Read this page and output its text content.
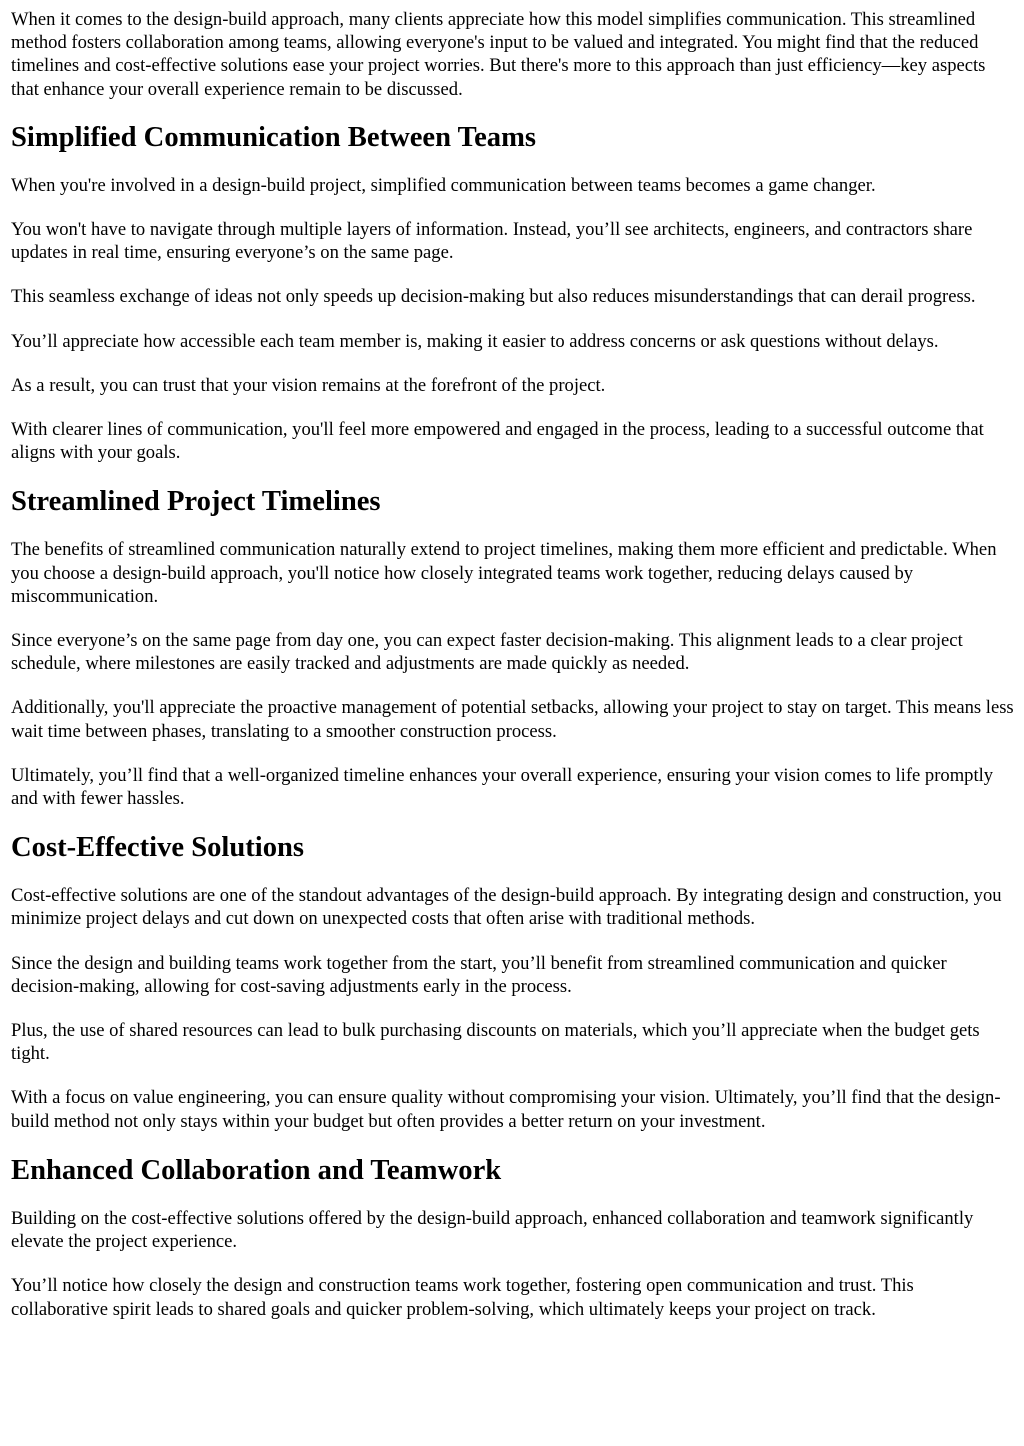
When it comes to the design-build approach, many clients appreciate how this model simplifies communication. This streamlined method fosters collaboration among teams, allowing everyone's input to be valued and integrated. You might find that the reduced timelines and cost-effective solutions ease your project worries. But there's more to this approach than just efficiency—key aspects that enhance your overall experience remain to be discussed.

Simplified Communication Between Teams

When you're involved in a design-build project, simplified communication between teams becomes a game changer.

You won't have to navigate through multiple layers of information. Instead, you’ll see architects, engineers, and contractors share updates in real time, ensuring everyone’s on the same page.

This seamless exchange of ideas not only speeds up decision-making but also reduces misunderstandings that can derail progress.

You’ll appreciate how accessible each team member is, making it easier to address concerns or ask questions without delays.

As a result, you can trust that your vision remains at the forefront of the project.

With clearer lines of communication, you'll feel more empowered and engaged in the process, leading to a successful outcome that aligns with your goals.

Streamlined Project Timelines

The benefits of streamlined communication naturally extend to project timelines, making them more efficient and predictable. When you choose a design-build approach, you'll notice how closely integrated teams work together, reducing delays caused by miscommunication.

Since everyone’s on the same page from day one, you can expect faster decision-making. This alignment leads to a clear project schedule, where milestones are easily tracked and adjustments are made quickly as needed.

Additionally, you'll appreciate the proactive management of potential setbacks, allowing your project to stay on target. This means less wait time between phases, translating to a smoother construction process.

Ultimately, you’ll find that a well-organized timeline enhances your overall experience, ensuring your vision comes to life promptly and with fewer hassles.

Cost-Effective Solutions

Cost-effective solutions are one of the standout advantages of the design-build approach. By integrating design and construction, you minimize project delays and cut down on unexpected costs that often arise with traditional methods.

Since the design and building teams work together from the start, you’ll benefit from streamlined communication and quicker decision-making, allowing for cost-saving adjustments early in the process.

Plus, the use of shared resources can lead to bulk purchasing discounts on materials, which you’ll appreciate when the budget gets tight.

With a focus on value engineering, you can ensure quality without compromising your vision. Ultimately, you’ll find that the design-build method not only stays within your budget but often provides a better return on your investment.

Enhanced Collaboration and Teamwork

Building on the cost-effective solutions offered by the design-build approach, enhanced collaboration and teamwork significantly elevate the project experience.

You’ll notice how closely the design and construction teams work together, fostering open communication and trust. This collaborative spirit leads to shared goals and quicker problem-solving, which ultimately keeps your project on track.
